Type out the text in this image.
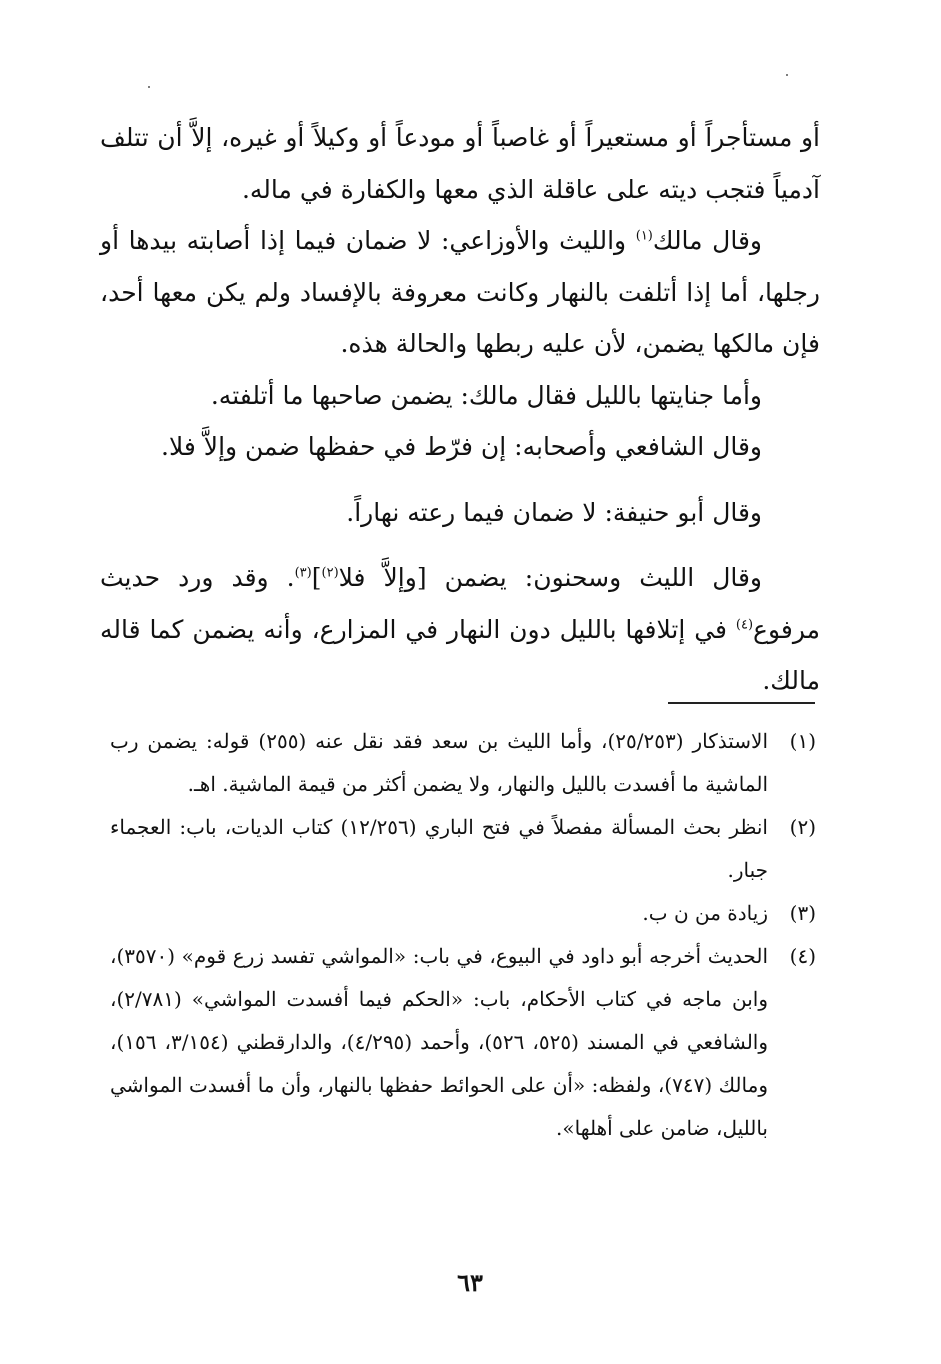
أو مستأجراً أو مستعيراً أو غاصباً أو مودعاً أو وكيلاً أو غيره، إلاَّ أن تتلف آدمياً فتجب ديته على عاقلة الذي معها والكفارة في ماله.

وقال مالك$^{(١)}$ والليث والأوزاعي: لا ضمان فيما إذا أصابته بيدها أو رجلها، أما إذا أتلفت بالنهار وكانت معروفة بالإفساد ولم يكن معها أحد، فإن مالكها يضمن، لأن عليه ربطها والحالة هذه.

وأما جنايتها بالليل فقال مالك: يضمن صاحبها ما أتلفته.

وقال الشافعي وأصحابه: إن فرّط في حفظها ضمن وإلاَّ فلا.

وقال أبو حنيفة: لا ضمان فيما رعته نهاراً.

وقال الليث وسحنون: يضمن [وإلاَّ فلا$^{(٢)}$]$^{(٣)}$. وقد ورد حديث مرفوع$^{(٤)}$ في إتلافها بالليل دون النهار في المزارع، وأنه يضمن كما قاله مالك.

(١)
الاستذكار (٢٥/٢٥٣)، وأما الليث بن سعد فقد نقل عنه (٢٥٥) قوله: يضمن رب الماشية ما أفسدت بالليل والنهار، ولا يضمن أكثر من قيمة الماشية. اهـ.
(٢)
انظر بحث المسألة مفصلاً في فتح الباري (١٢/٢٥٦) كتاب الديات، باب: العجماء جبار.
(٣)
زيادة من ن ب.
(٤)
الحديث أخرجه أبو داود في البيوع، في باب: «المواشي تفسد زرع قوم» (٣٥٧٠)، وابن ماجه في كتاب الأحكام، باب: «الحكم فيما أفسدت المواشي» (٢/٧٨١)، والشافعي في المسند (٥٢٥، ٥٢٦)، وأحمد (٤/٢٩٥)، والدارقطني (٣/١٥٤، ١٥٦)، ومالك (٧٤٧)، ولفظه: «أن على الحوائط حفظها بالنهار، وأن ما أفسدت المواشي بالليل، ضامن على أهلها».
٦٣
